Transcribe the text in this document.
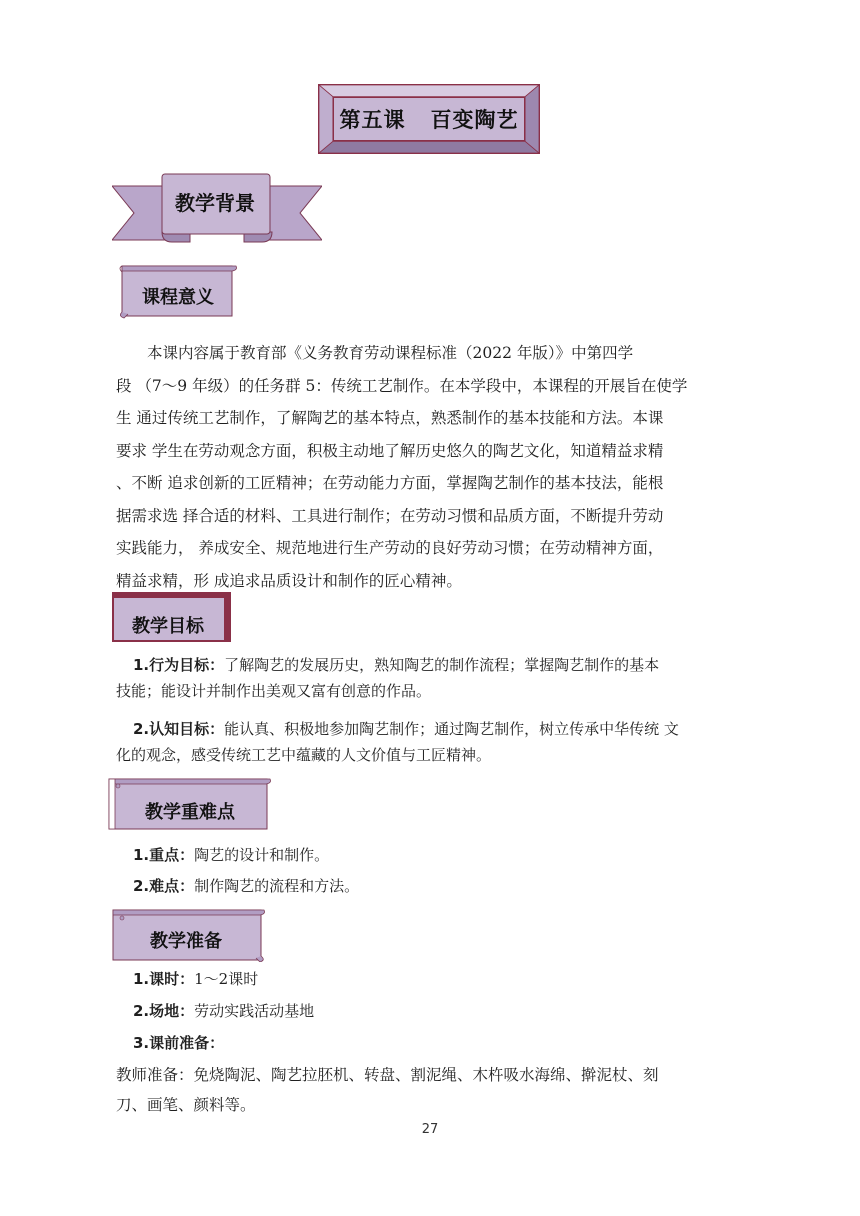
第五课   百变陶艺
教学背景
课程意义

本课内容属于教育部《义务教育劳动课程标准（2022 年版）》中第四学

段 （7～9 年级）的任务群 5：传统工艺制作。在本学段中，本课程的开展旨在使学

生 通过传统工艺制作，了解陶艺的基本特点，熟悉制作的基本技能和方法。本课

要求 学生在劳动观念方面，积极主动地了解历史悠久的陶艺文化，知道精益求精

、不断 追求创新的工匠精神；在劳动能力方面，掌握陶艺制作的基本技法，能根

据需求选 择合适的材料、工具进行制作；在劳动习惯和品质方面，不断提升劳动

实践能力， 养成安全、规范地进行生产劳动的良好劳动习惯；在劳动精神方面，

精益求精，形 成追求品质设计和制作的匠心精神。

教学目标
1.行为目标：了解陶艺的发展历史，熟知陶艺的制作流程；掌握陶艺制作的基本
技能；能设计并制作出美观又富有创意的作品。
2.认知目标：能认真、积极地参加陶艺制作；通过陶艺制作，树立传承中华传统 文
化的观念，感受传统工艺中蕴藏的人文价值与工匠精神。
教学重难点
1.重点：陶艺的设计和制作。
2.难点：制作陶艺的流程和方法。
教学准备
1.课时：1～2课时
2.场地：劳动实践活动基地
3.课前准备：

教师准备：免烧陶泥、陶艺拉胚机、转盘、割泥绳、木杵吸水海绵、擀泥杖、刻

刀、画笔、颜料等。

27
